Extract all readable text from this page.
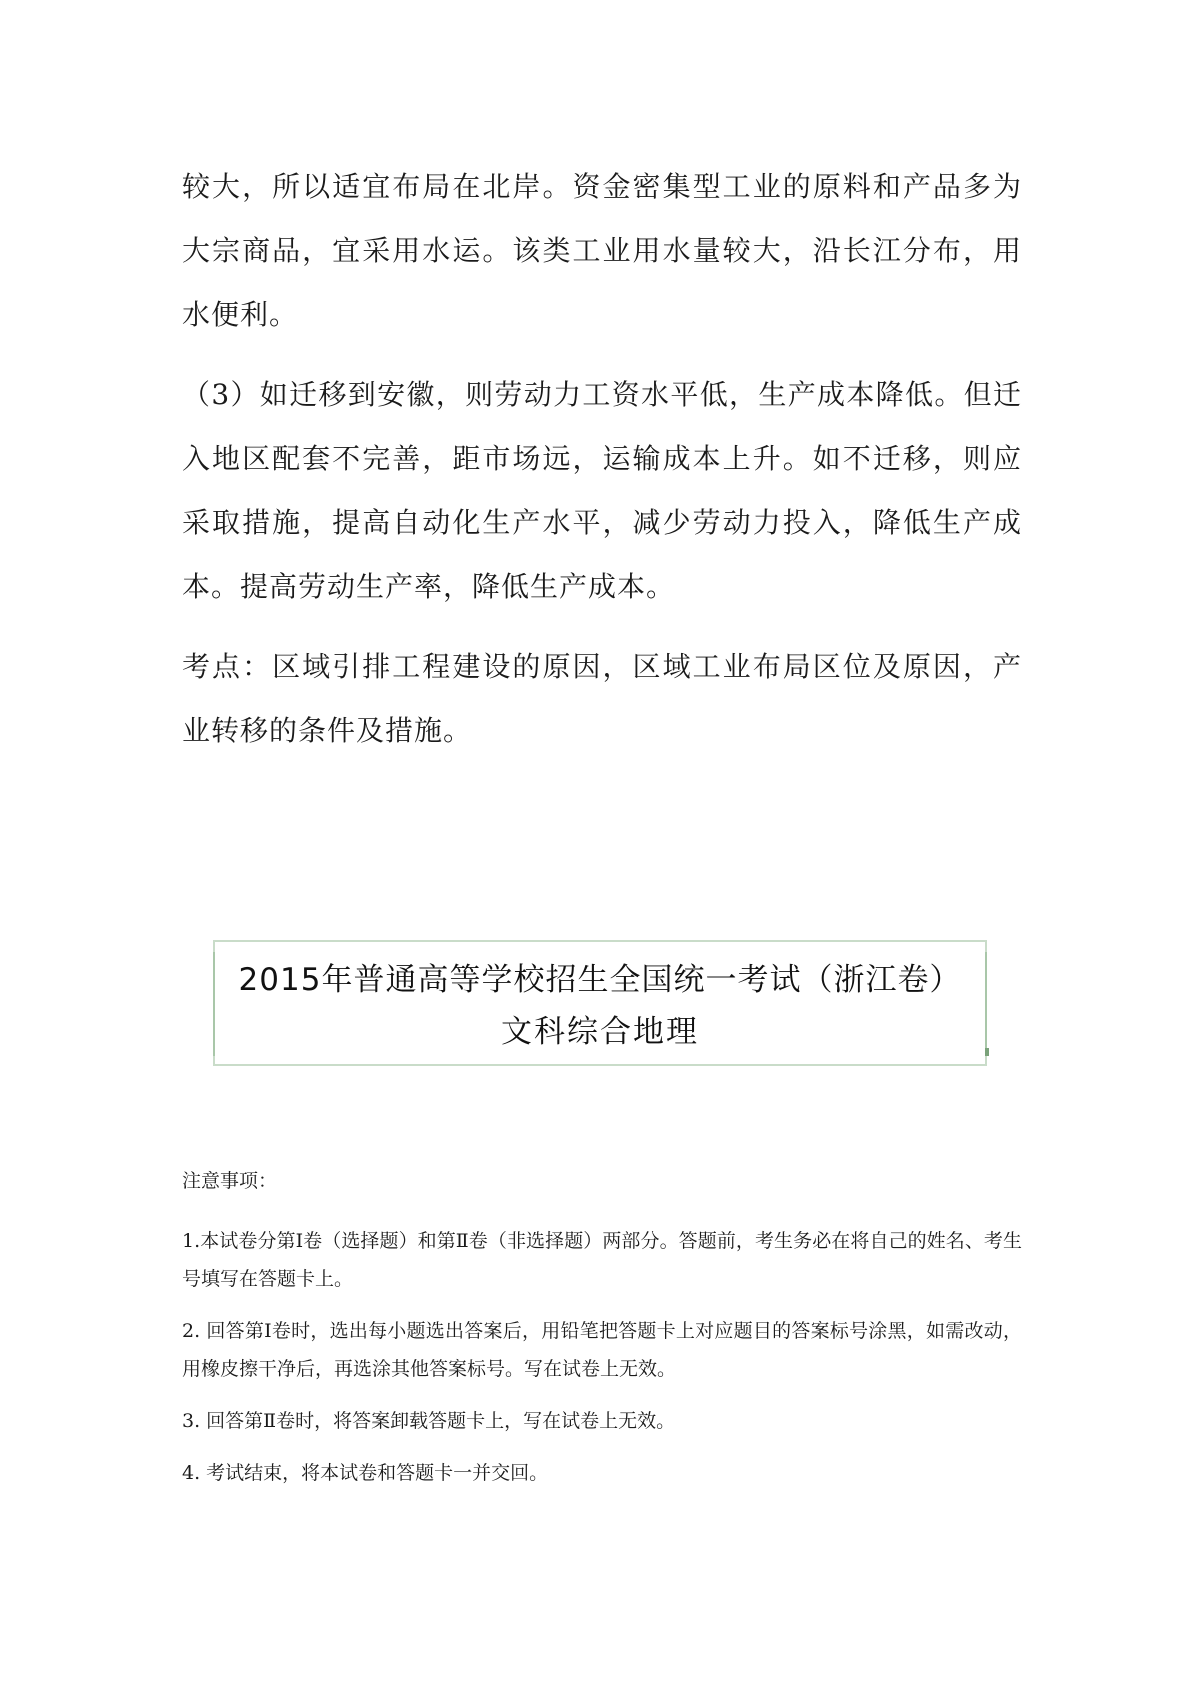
较大，所以适宜布局在北岸。资金密集型工业的原料和产品多为大宗商品，宜采用水运。该类工业用水量较大，沿长江分布，用水便利。

（3）如迁移到安徽，则劳动力工资水平低，生产成本降低。但迁入地区配套不完善，距市场远，运输成本上升。如不迁移，则应采取措施，提高自动化生产水平，减少劳动力投入，降低生产成本。提高劳动生产率，降低生产成本。

考点：区域引排工程建设的原因，区域工业布局区位及原因，产业转移的条件及措施。

2015年普通高等学校招生全国统一考试（浙江卷）
文科综合地理

注意事项：

1.本试卷分第Ⅰ卷（选择题）和第Ⅱ卷（非选择题）两部分。答题前，考生务必在将自己的姓名、考生号填写在答题卡上。

2. 回答第Ⅰ卷时，选出每小题选出答案后，用铅笔把答题卡上对应题目的答案标号涂黑，如需改动，用橡皮擦干净后，再选涂其他答案标号。写在试卷上无效。

3. 回答第Ⅱ卷时，将答案卸载答题卡上，写在试卷上无效。

4. 考试结束，将本试卷和答题卡一并交回。
